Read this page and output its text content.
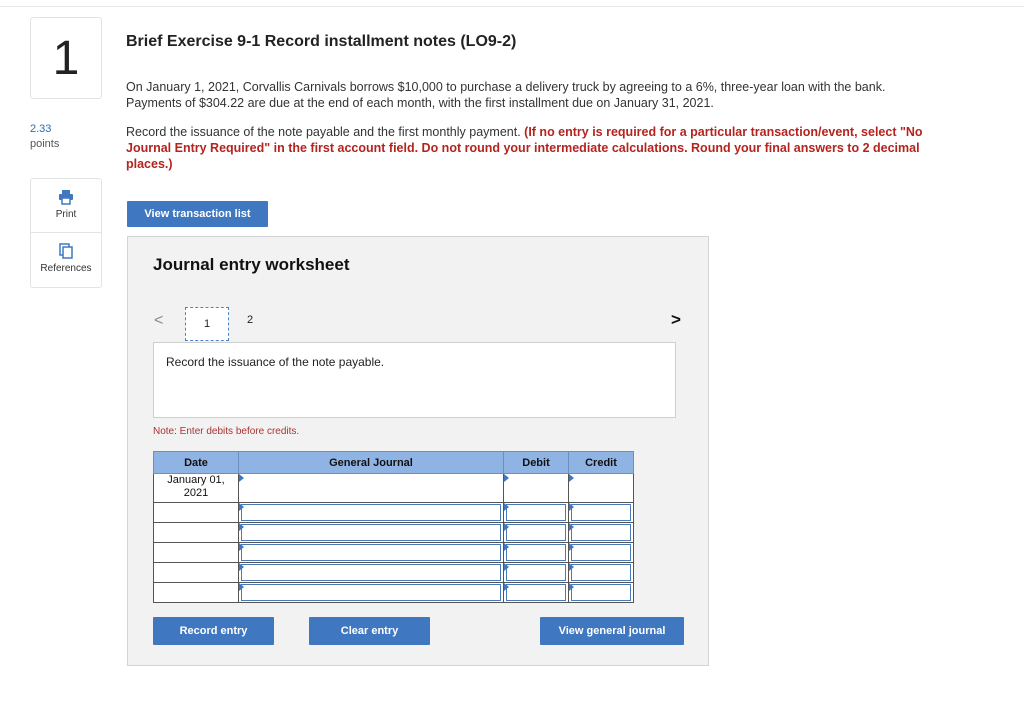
1
2.33
points
Print
References
Brief Exercise 9-1 Record installment notes (LO9-2)
On January 1, 2021, Corvallis Carnivals borrows $10,000 to purchase a delivery truck by agreeing to a 6%, three-year loan with the bank. Payments of $304.22 are due at the end of each month, with the first installment due on January 31, 2021.
Record the issuance of the note payable and the first monthly payment. (If no entry is required for a particular transaction/event, select "No Journal Entry Required" in the first account field. Do not round your intermediate calculations. Round your final answers to 2 decimal places.)
View transaction list
Journal entry worksheet
<	1	2	>
Record the issuance of the note payable.
Note: Enter debits before credits.
Date	General Journal	Debit	Credit
January 01,
2021	

Record entry	Clear entry	View general journal
